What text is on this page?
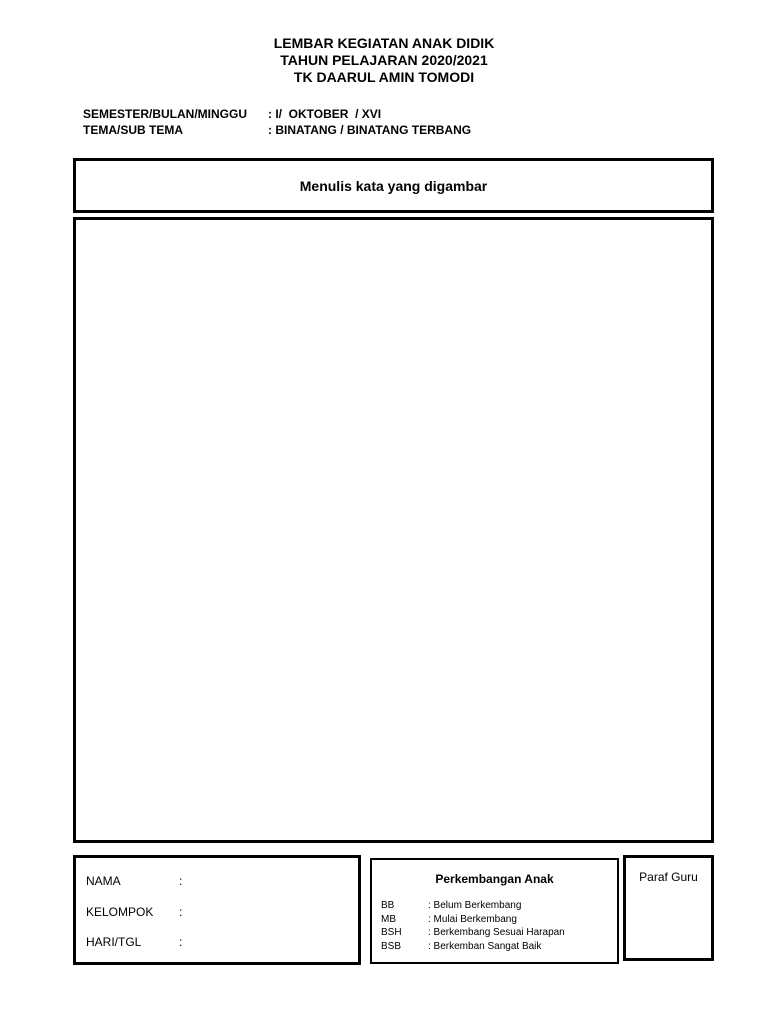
LEMBAR KEGIATAN ANAK DIDIK
TAHUN PELAJARAN 2020/2021
TK DAARUL AMIN TOMODI
SEMESTER/BULAN/MINGGU	: I/  OKTOBER  / XVI
TEMA/SUB TEMA	: BINATANG / BINATANG TERBANG
Menulis kata yang digambar
NAMA	:
KELOMPOK :
HARI/TGL	:
Perkembangan Anak
BB	: Belum Berkembang
MB	: Mulai Berkembang
BSH	: Berkembang Sesuai Harapan
BSB	: Berkemban Sangat Baik
Paraf Guru
